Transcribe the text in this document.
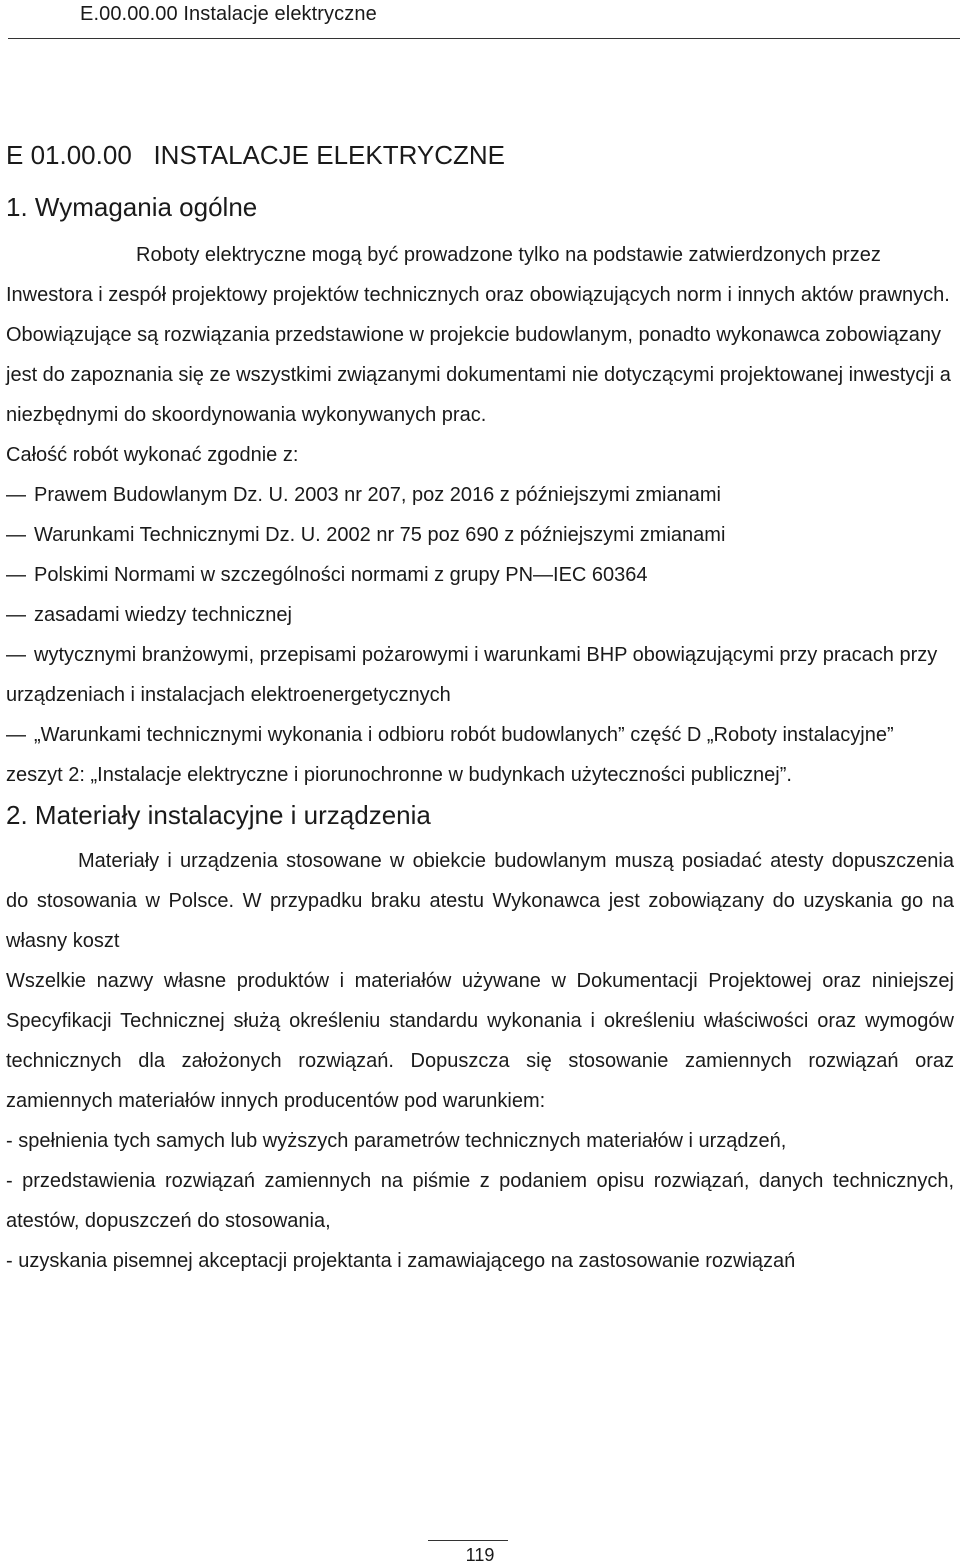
E.00.00.00 Instalacje elektryczne
E 01.00.00   INSTALACJE ELEKTRYCZNE
1. Wymagania ogólne

Roboty elektryczne mogą być prowadzone tylko na podstawie zatwierdzonych przez Inwestora i zespół projektowy projektów technicznych oraz obowiązujących norm i innych aktów prawnych. Obowiązujące są rozwiązania przedstawione w projekcie budowlanym, ponadto wykonawca zobowiązany jest do zapoznania się ze wszystkimi związanymi dokumentami nie dotyczącymi projektowanej inwestycji a niezbędnymi do skoordynowania wykonywanych prac.

Całość robót wykonać zgodnie z:

— Prawem Budowlanym Dz. U. 2003 nr 207, poz 2016 z późniejszymi zmianami

— Warunkami Technicznymi Dz. U. 2002 nr 75 poz 690 z późniejszymi zmianami

— Polskimi Normami w szczególności normami z grupy PN—IEC 60364

— zasadami wiedzy technicznej

— wytycznymi branżowymi, przepisami pożarowymi i warunkami BHP obowiązującymi przy pracach przy urządzeniach i instalacjach elektroenergetycznych

— „Warunkami technicznymi wykonania i odbioru robót budowlanych” część D „Roboty instalacyjne” zeszyt 2: „Instalacje elektryczne i piorunochronne w budynkach użyteczności publicznej”.

2. Materiały instalacyjne i urządzenia

Materiały i urządzenia stosowane w obiekcie budowlanym muszą posiadać atesty dopuszczenia do stosowania w Polsce. W przypadku braku atestu Wykonawca jest zobowiązany do uzyskania go na własny koszt

Wszelkie nazwy własne produktów i materiałów używane w Dokumentacji Projektowej oraz niniejszej Specyfikacji Technicznej służą określeniu standardu wykonania i określeniu właściwości oraz wymogów technicznych dla założonych rozwiązań. Dopuszcza się stosowanie zamiennych rozwiązań oraz zamiennych materiałów innych producentów pod warunkiem:

- spełnienia tych samych lub wyższych parametrów technicznych materiałów i urządzeń,

- przedstawienia rozwiązań zamiennych na piśmie z podaniem opisu rozwiązań, danych technicznych, atestów, dopuszczeń do stosowania,

- uzyskania pisemnej akceptacji projektanta i zamawiającego na zastosowanie rozwiązań

119
